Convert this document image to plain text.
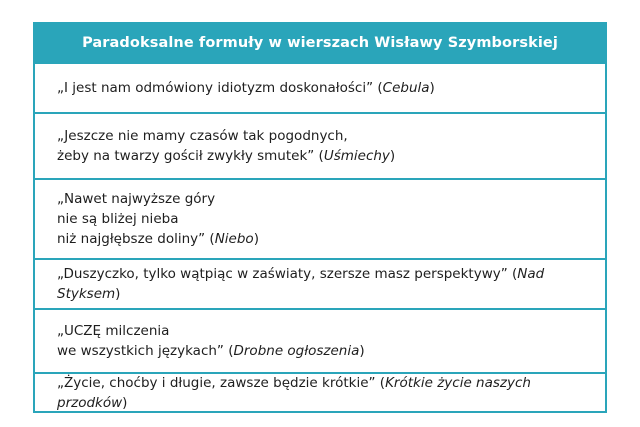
Paradoksalne formuły w wierszach Wisławy Szymborskiej
„I jest nam odmówiony idiotyzm doskonałości” (Cebula)
„Jeszcze nie mamy czasów tak pogodnych,
żeby na twarzy gościł zwykły smutek” (Uśmiechy)
„Nawet najwyższe góry
nie są bliżej nieba
niż najgłębsze doliny” (Niebo)
„Duszyczko, tylko wątpiąc w zaświaty, szersze masz perspektywy” (Nad Styksem)
„UCZĘ milczenia
we wszystkich językach” (Drobne ogłoszenia)
„Życie, choćby i długie, zawsze będzie krótkie” (Krótkie życie naszych przodków)
